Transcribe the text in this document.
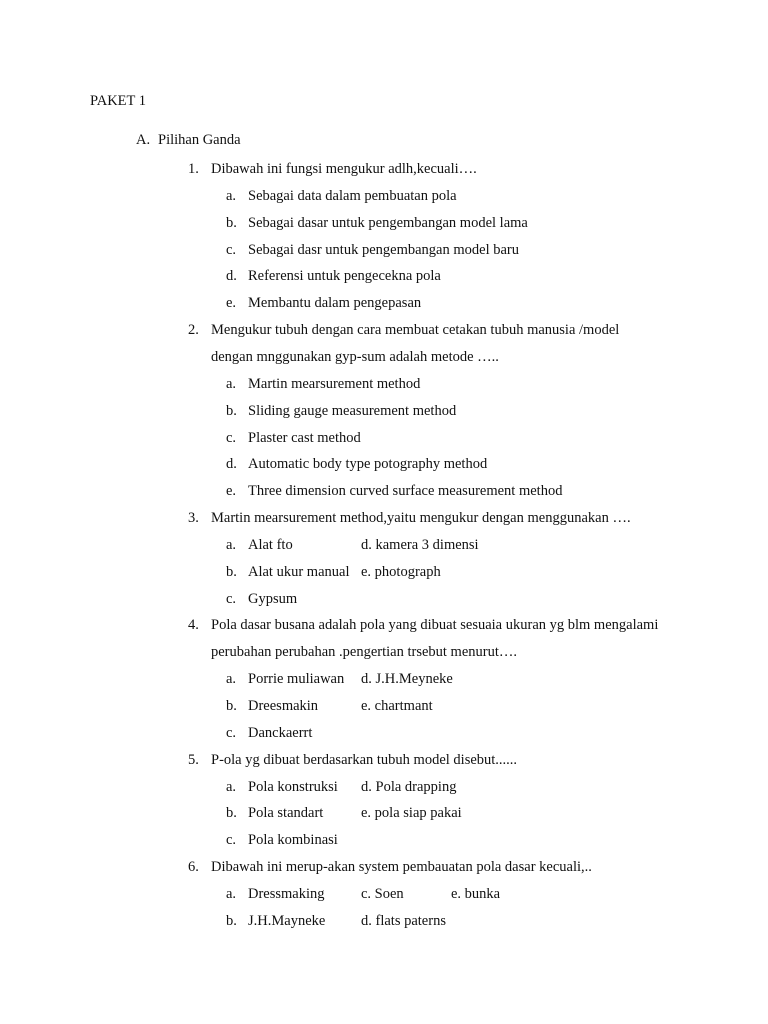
PAKET 1
A. Pilihan Ganda
1. Dibawah ini fungsi mengukur adlh,kecuali….
a. Sebagai data dalam pembuatan pola
b. Sebagai dasar untuk pengembangan model lama
c. Sebagai dasr untuk pengembangan model baru
d. Referensi untuk pengecekna pola
e. Membantu dalam pengepasan
2. Mengukur tubuh dengan cara membuat cetakan tubuh manusia /model
dengan mnggunakan gyp-sum adalah metode …..
a. Martin mearsurement method
b. Sliding gauge measurement method
c. Plaster cast method
d. Automatic body type potography method
e. Three dimension curved surface measurement method
3. Martin mearsurement method,yaitu mengukur dengan menggunakan ….
a. Alat fto	d. kamera 3 dimensi
b. Alat ukur manual e. photograph
c. Gypsum
4. Pola dasar busana adalah pola yang dibuat sesuaia ukuran yg blm mengalami
perubahan perubahan .pengertian trsebut menurut….
a. Porrie muliawan d. J.H.Meyneke
b. Dreesmakin	e. chartmant
c. Danckaerrt
5. P-ola yg dibuat berdasarkan tubuh model disebut......
a. Pola konstruksi d. Pola drapping
b. Pola standart	e. pola siap pakai
c. Pola kombinasi
6. Dibawah ini merup-akan system pembauatan pola dasar kecuali,..
a. Dressmaking	c. Soen	e. bunka
b. J.H.Mayneke d. flats paterns
